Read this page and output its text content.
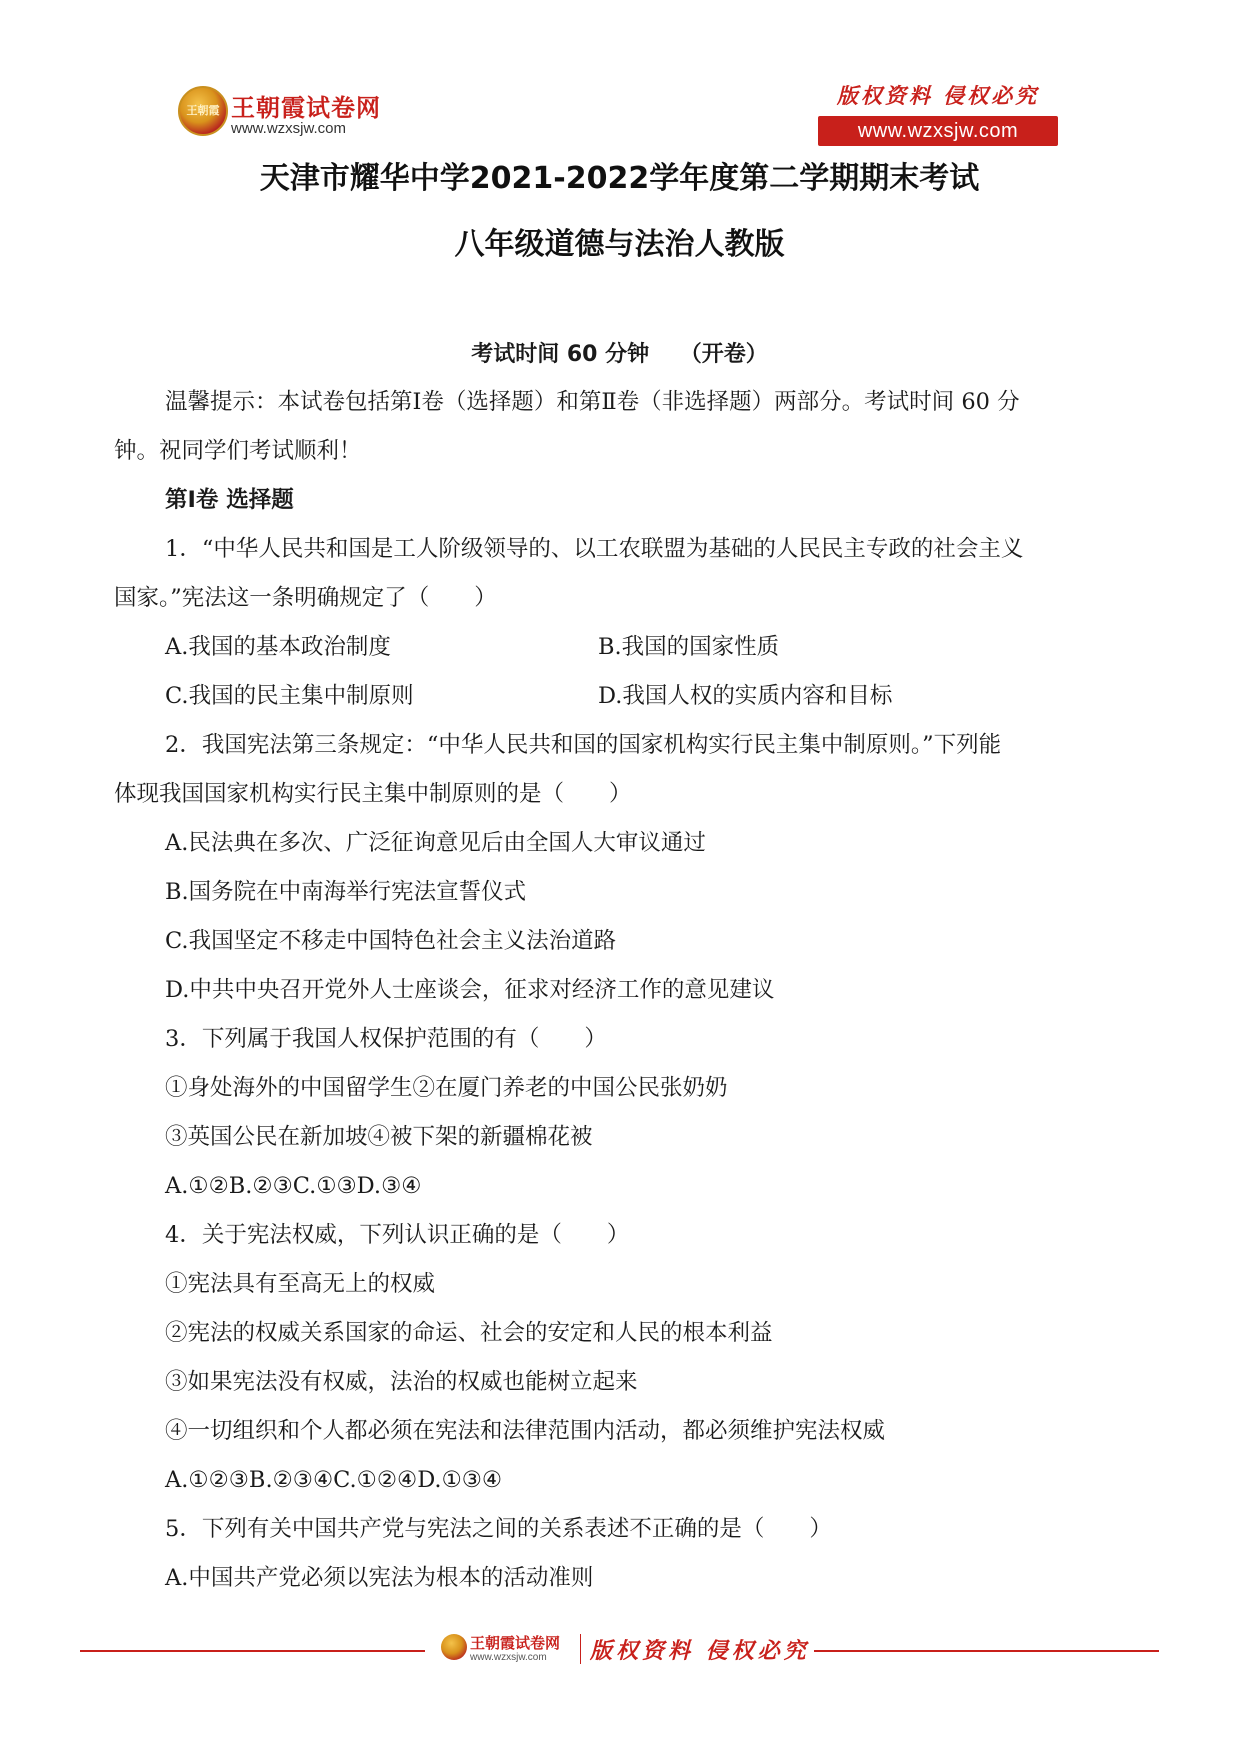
王朝霞 王朝霞试卷网
www.wzxsjw.com
版权资料 侵权必究
www.wzxsjw.com
天津市耀华中学2021-2022学年度第二学期期末考试
八年级道德与法治人教版
考试时间 60 分钟    （开卷）

温馨提示：本试卷包括第Ⅰ卷（选择题）和第Ⅱ卷（非选择题）两部分。考试时间 60 分

钟。祝同学们考试顺利！

第Ⅰ卷 选择题

1．“中华人民共和国是工人阶级领导的、以工农联盟为基础的人民民主专政的社会主义

国家。”宪法这一条明确规定了（　　）

A.我国的基本政治制度	B.我国的国家性质
C.我国的民主集中制原则	D.我国人权的实质内容和目标

2．我国宪法第三条规定：“中华人民共和国的国家机构实行民主集中制原则。”下列能

体现我国国家机构实行民主集中制原则的是（　　）

A.民法典在多次、广泛征询意见后由全国人大审议通过

B.国务院在中南海举行宪法宣誓仪式

C.我国坚定不移走中国特色社会主义法治道路

D.中共中央召开党外人士座谈会，征求对经济工作的意见建议

3．下列属于我国人权保护范围的有（　　）

①身处海外的中国留学生②在厦门养老的中国公民张奶奶

③英国公民在新加坡④被下架的新疆棉花被

A.①②B.②③C.①③D.③④

4．关于宪法权威，下列认识正确的是（　　）

①宪法具有至高无上的权威

②宪法的权威关系国家的命运、社会的安定和人民的根本利益

③如果宪法没有权威，法治的权威也能树立起来

④一切组织和个人都必须在宪法和法律范围内活动，都必须维护宪法权威

A.①②③B.②③④C.①②④D.①③④

5．下列有关中国共产党与宪法之间的关系表述不正确的是（　　）

A.中国共产党必须以宪法为根本的活动准则

王朝霞试卷网
www.wzxsjw.com 版权资料 侵权必究
